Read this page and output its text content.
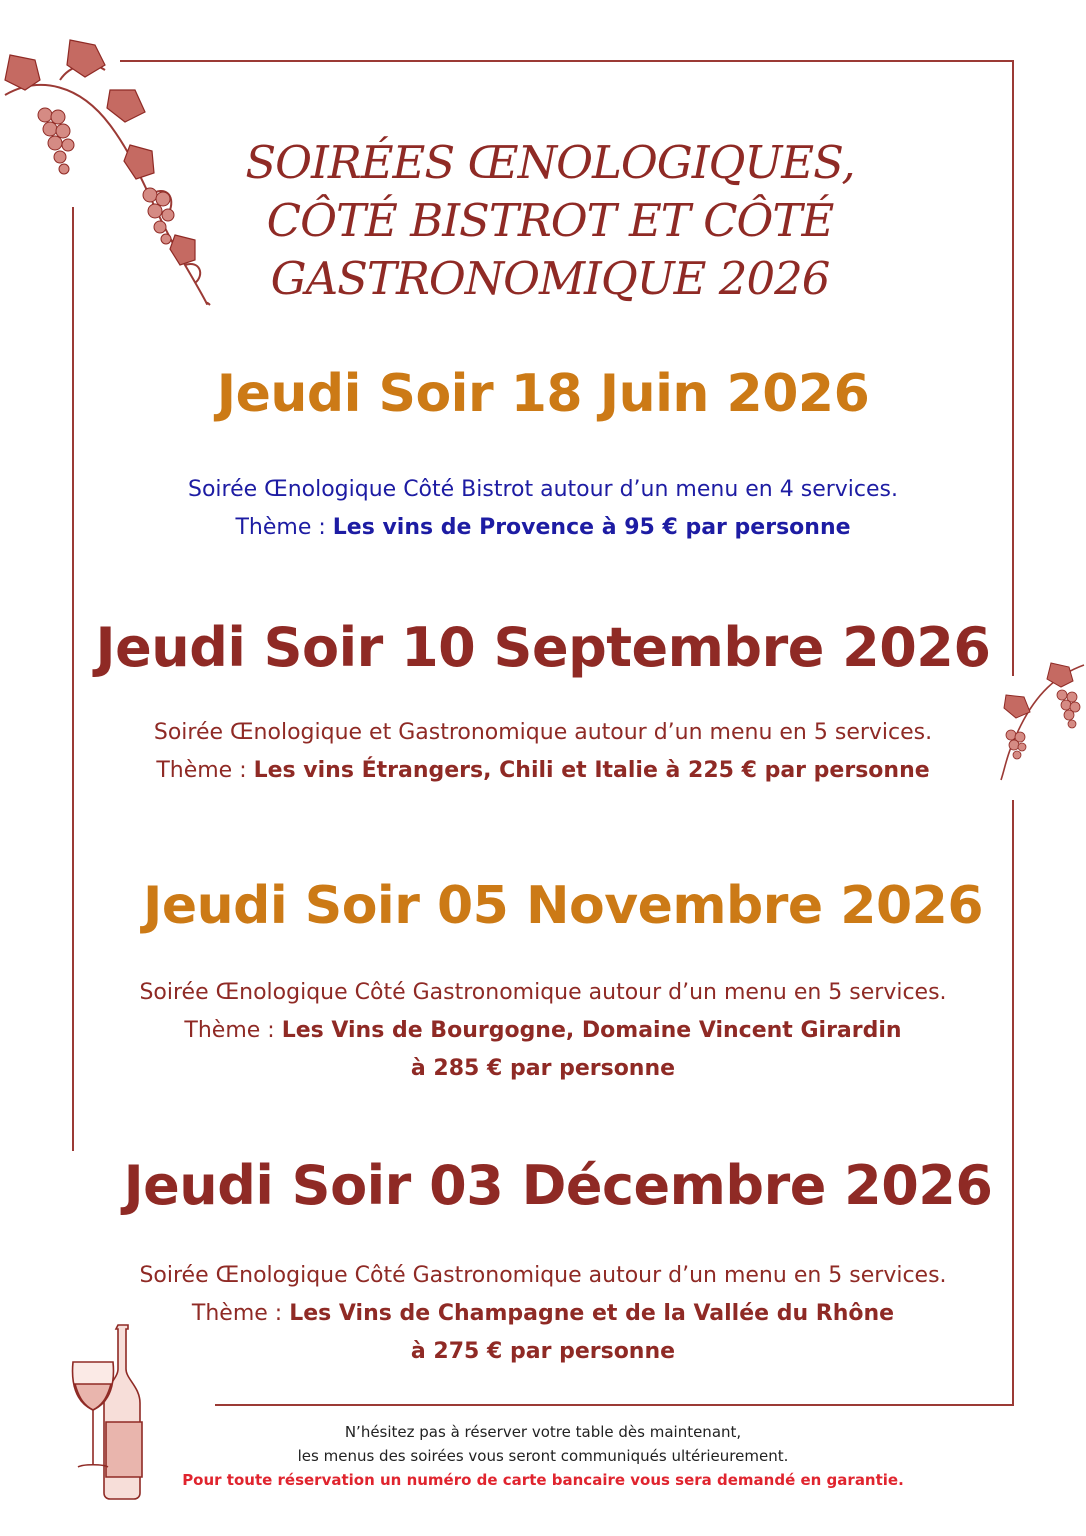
SOIRÉES ŒNOLOGIQUES,
CÔTÉ BISTROT ET CÔTÉ
GASTRONOMIQUE 2026
Jeudi Soir 18 Juin 2026

Soirée Œnologique Côté Bistrot autour d’un menu en 4 services.

Thème : Les vins de Provence à 95 € par personne

Jeudi Soir 10 Septembre 2026

Soirée Œnologique et Gastronomique autour d’un menu en 5 services.

Thème : Les vins Étrangers, Chili et Italie à 225 € par personne

Jeudi Soir 05 Novembre 2026

Soirée Œnologique Côté Gastronomique autour d’un menu en 5 services.

Thème : Les Vins de Bourgogne, Domaine Vincent Girardin

à 285 € par personne

Jeudi Soir 03 Décembre 2026

Soirée Œnologique Côté Gastronomique autour d’un menu en 5 services.

Thème : Les Vins de Champagne et de la Vallée du Rhône

à 275 € par personne

N’hésitez pas à réserver votre table dès maintenant,

les menus des soirées vous seront communiqués ultérieurement.

Pour toute réservation un numéro de carte bancaire vous sera demandé en garantie.
